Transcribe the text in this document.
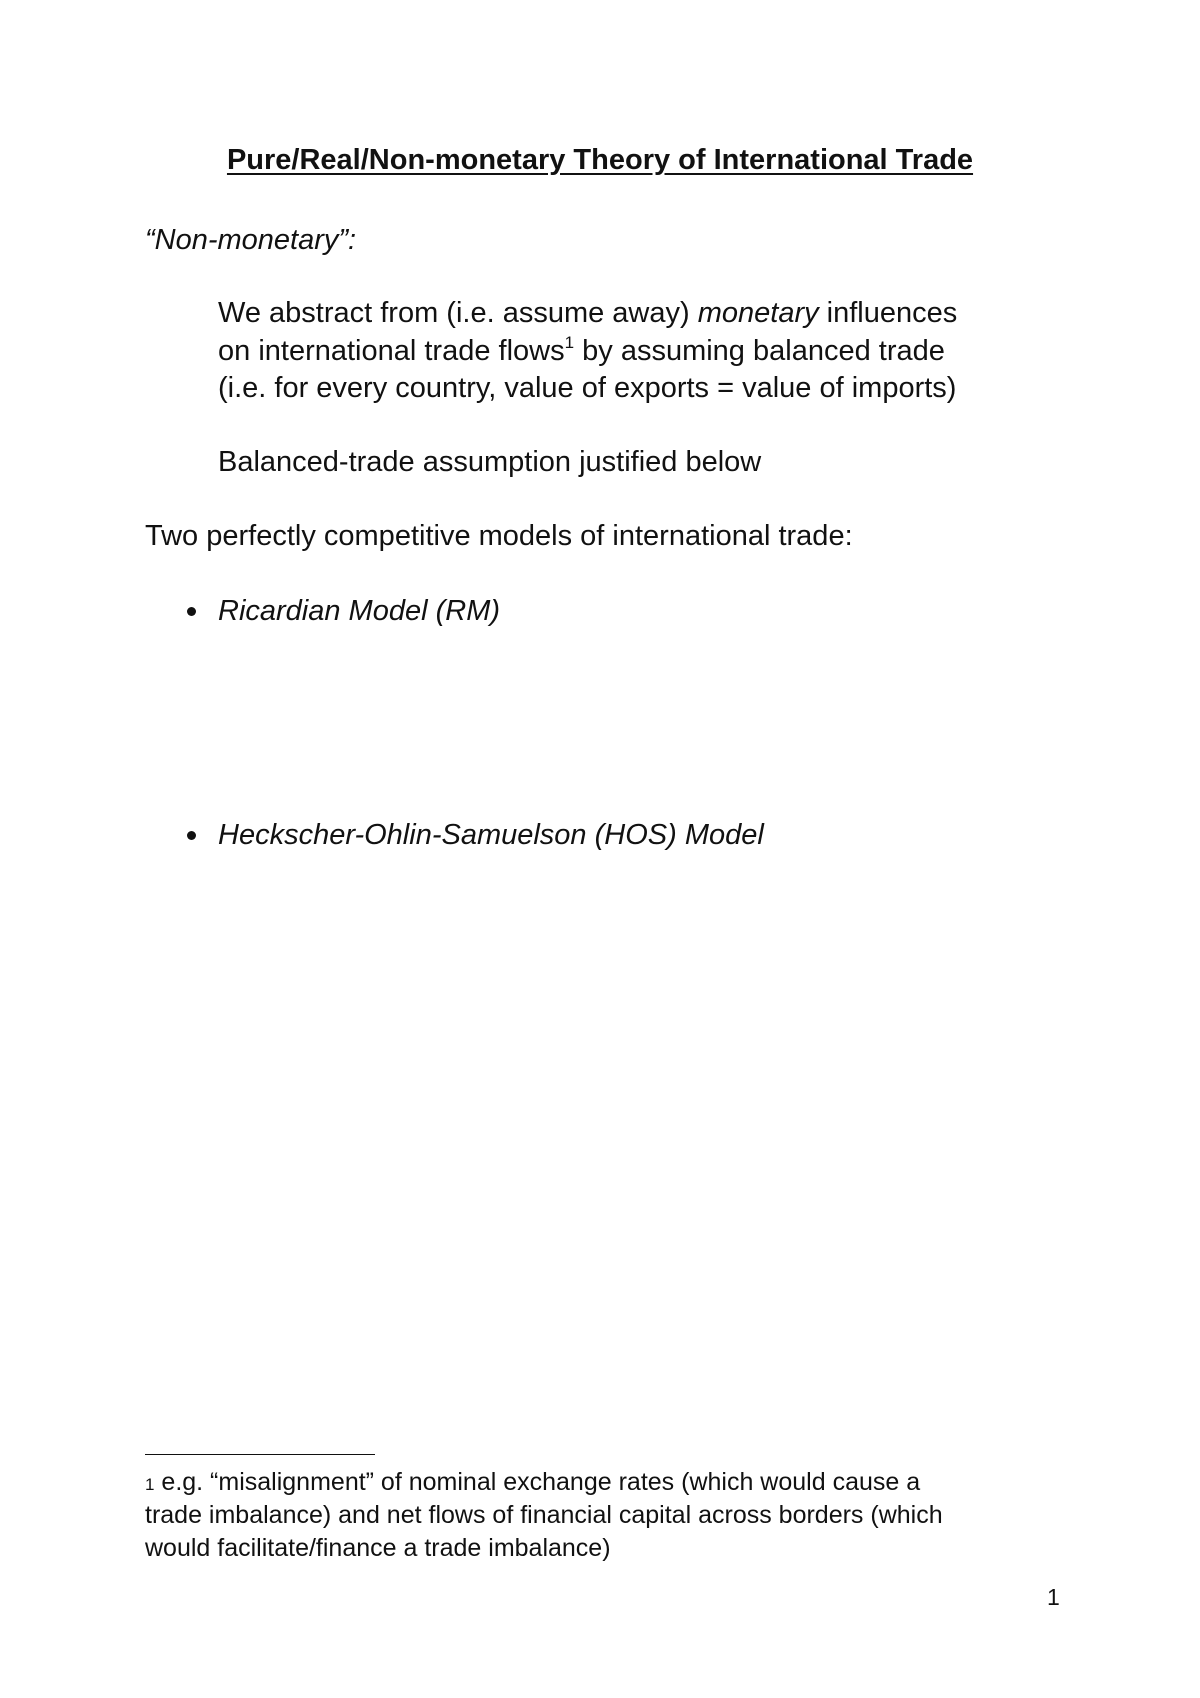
Pure/Real/Non-monetary Theory of International Trade
“Non-monetary”:
We abstract from (i.e. assume away) monetary influences
on international trade flows$^1$ by assuming balanced trade
(i.e. for every country, value of exports = value of imports)
Balanced-trade assumption justified below
Two perfectly competitive models of international trade:
Ricardian Model (RM)
Heckscher-Ohlin-Samuelson (HOS) Model
1 e.g. “misalignment” of nominal exchange rates (which would cause a
trade imbalance) and net flows of financial capital across borders (which
would facilitate/finance a trade imbalance)
1
